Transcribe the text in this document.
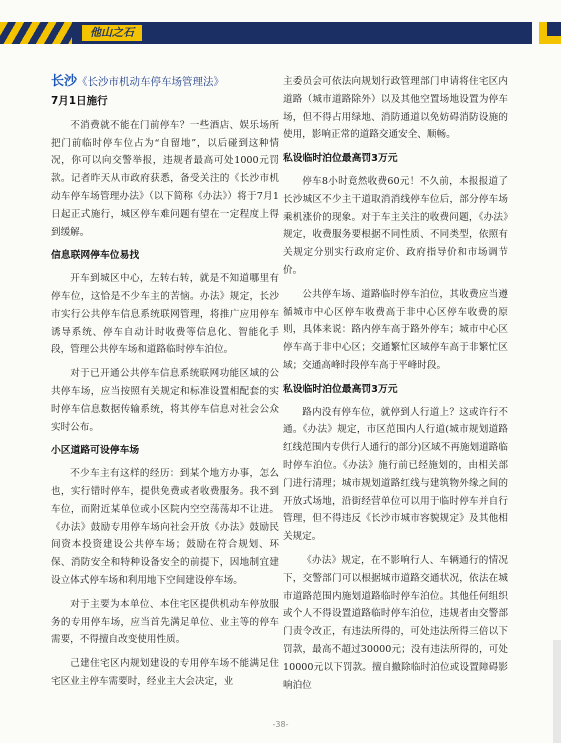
他山之石
长沙《长沙市机动车停车场管理法》
7月1日施行

不消费就不能在门前停车？一些酒店、娱乐场所把门前临时停车位占为“自留地”，以后碰到这种情况，你可以向交警举报，违规者最高可处1000元罚款。记者昨天从市政府获悉，备受关注的《长沙市机动车停车场管理办法》（以下简称《办法》）将于7月1日起正式施行，城区停车难问题有望在一定程度上得到缓解。

信息联网停车位易找

开车到城区中心，左转右转，就是不知道哪里有停车位，这恰是不少车主的苦恼。办法》规定，长沙市实行公共停车信息系统联网管理，将推广应用停车诱导系统、停车自动计时收费等信息化、智能化手段，管理公共停车场和道路临时停车泊位。

对于已开通公共停车信息系统联网功能区域的公共停车场，应当按照有关规定和标准设置相配套的实时停车信息数据传输系统，将其停车信息对社会公众实时公布。

小区道路可设停车场

不少车主有这样的经历：到某个地方办事，怎么也，实行错时停车，提供免费或者收费服务。我不到车位，而附近某单位或小区院内空空荡荡却不让进。《办法》鼓励专用停车场向社会开放《办法》鼓励民间资本投资建设公共停车场；鼓励在符合规划、环保、消防安全和特种设备安全的前提下，因地制宜建设立体式停车场和利用地下空间建设停车场。

对于主要为本单位、本住宅区提供机动车停放服务的专用停车场，应当首先满足单位、业主等的停车需要，不得擅自改变使用性质。

己建住宅区内规划建设的专用停车场不能满足住宅区业主停车需要时，经业主大会决定，业

主委员会可依法向规划行政管理部门申请将住宅区内道路（城市道路除外）以及其他空置场地设置为停车场，但不得占用绿地、消防通道以免妨碍消防设施的使用，影响正常的道路交通安全、顺畅。

私设临时泊位最高罚3万元

停车8小时竟然收费60元！不久前，本报报道了长沙城区不少主干道取消消线停车位后，部分停车场乘机涨价的现象。对于车主关注的收费问题，《办法》规定，收费服务要根据不同性质、不同类型，依照有关规定分别实行政府定价、政府指导价和市场调节价。

公共停车场、道路临时停车泊位，其收费应当遵循城市中心区停车收费高于非中心区停车收费的原则，具体来说：路内停车高于路外停车；城市中心区停车高于非中心区；交通繁忙区域停车高于非繁忙区域；交通高峰时段停车高于平峰时段。

私设临时泊位最高罚3万元

路内没有停车位，就停到人行道上？这或许行不通。《办法》规定，市区范围内人行道(城市规划道路红线范围内专供行人通行的部分)区域不再施划道路临时停车泊位。《办法》施行前已经施划的，由相关部门进行清理；城市规划道路红线与建筑物外缘之间的开放式场地，沿街经营单位可以用于临时停车并自行管理，但不得违反《长沙市城市容貌规定》及其他相关规定。

《办法》规定，在不影响行人、车辆通行的情况下，交警部门可以根据城市道路交通状况，依法在城市道路范围内施划道路临时停车泊位。其他任何组织或个人不得设置道路临时停车泊位，违规者由交警部门责令改正，有违法所得的，可处违法所得三倍以下罚款，最高不超过30000元；没有违法所得的，可处10000元以下罚款。擅自撤除临时泊位或设置障碍影响泊位

-38-
